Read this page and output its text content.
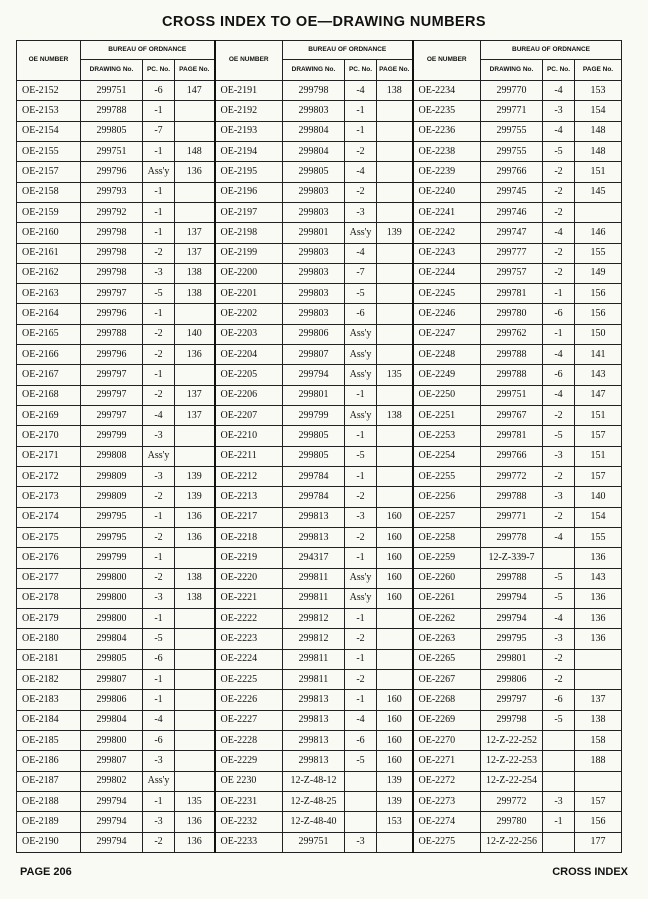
CROSS INDEX TO OE—DRAWING NUMBERS
OE NUMBER	BUREAU OF ORDNANCE			OE NUMBER	BUREAU OF ORDNANCE			OE NUMBER	BUREAU OF ORDNANCE		
	DRAWING No.	PC. No.	PAGE No.		DRAWING No.	PC. No.	PAGE No.		DRAWING No.	PC. No.	PAGE No.
OE-2152	299751	-6	147	OE-2191	299798	-4	138	OE-2234	299770	-4	153
OE-2153	299788	-1		OE-2192	299803	-1		OE-2235	299771	-3	154
OE-2154	299805	-7		OE-2193	299804	-1		OE-2236	299755	-4	148
OE-2155	299751	-1	148	OE-2194	299804	-2		OE-2238	299755	-5	148
OE-2157	299796	Ass'y	136	OE-2195	299805	-4		OE-2239	299766	-2	151
OE-2158	299793	-1		OE-2196	299803	-2		OE-2240	299745	-2	145
OE-2159	299792	-1		OE-2197	299803	-3		OE-2241	299746	-2	
OE-2160	299798	-1	137	OE-2198	299801	Ass'y	139	OE-2242	299747	-4	146
OE-2161	299798	-2	137	OE-2199	299803	-4		OE-2243	299777	-2	155
OE-2162	299798	-3	138	OE-2200	299803	-7		OE-2244	299757	-2	149
OE-2163	299797	-5	138	OE-2201	299803	-5		OE-2245	299781	-1	156
OE-2164	299796	-1		OE-2202	299803	-6		OE-2246	299780	-6	156
OE-2165	299788	-2	140	OE-2203	299806	Ass'y		OE-2247	299762	-1	150
OE-2166	299796	-2	136	OE-2204	299807	Ass'y		OE-2248	299788	-4	141
OE-2167	299797	-1		OE-2205	299794	Ass'y	135	OE-2249	299788	-6	143
OE-2168	299797	-2	137	OE-2206	299801	-1		OE-2250	299751	-4	147
OE-2169	299797	-4	137	OE-2207	299799	Ass'y	138	OE-2251	299767	-2	151
OE-2170	299799	-3		OE-2210	299805	-1		OE-2253	299781	-5	157
OE-2171	299808	Ass'y		OE-2211	299805	-5		OE-2254	299766	-3	151
OE-2172	299809	-3	139	OE-2212	299784	-1		OE-2255	299772	-2	157
OE-2173	299809	-2	139	OE-2213	299784	-2		OE-2256	299788	-3	140
OE-2174	299795	-1	136	OE-2217	299813	-3	160	OE-2257	299771	-2	154
OE-2175	299795	-2	136	OE-2218	299813	-2	160	OE-2258	299778	-4	155
OE-2176	299799	-1		OE-2219	294317	-1	160	OE-2259	12-Z-339-7		136
OE-2177	299800	-2	138	OE-2220	299811	Ass'y	160	OE-2260	299788	-5	143
OE-2178	299800	-3	138	OE-2221	299811	Ass'y	160	OE-2261	299794	-5	136
OE-2179	299800	-1		OE-2222	299812	-1		OE-2262	299794	-4	136
OE-2180	299804	-5		OE-2223	299812	-2		OE-2263	299795	-3	136
OE-2181	299805	-6		OE-2224	299811	-1		OE-2265	299801	-2	
OE-2182	299807	-1		OE-2225	299811	-2		OE-2267	299806	-2	
OE-2183	299806	-1		OE-2226	299813	-1	160	OE-2268	299797	-6	137
OE-2184	299804	-4		OE-2227	299813	-4	160	OE-2269	299798	-5	138
OE-2185	299800	-6		OE-2228	299813	-6	160	OE-2270	12-Z-22-252		158
OE-2186	299807	-3		OE-2229	299813	-5	160	OE-2271	12-Z-22-253		188
OE-2187	299802	Ass'y		OE 2230	12-Z-48-12		139	OE-2272	12-Z-22-254		
OE-2188	299794	-1	135	OE-2231	12-Z-48-25		139	OE-2273	299772	-3	157
OE-2189	299794	-3	136	OE-2232	12-Z-48-40		153	OE-2274	299780	-1	156
OE-2190	299794	-2	136	OE-2233	299751	-3		OE-2275	12-Z-22-256		177
PAGE 206	CROSS INDEX
